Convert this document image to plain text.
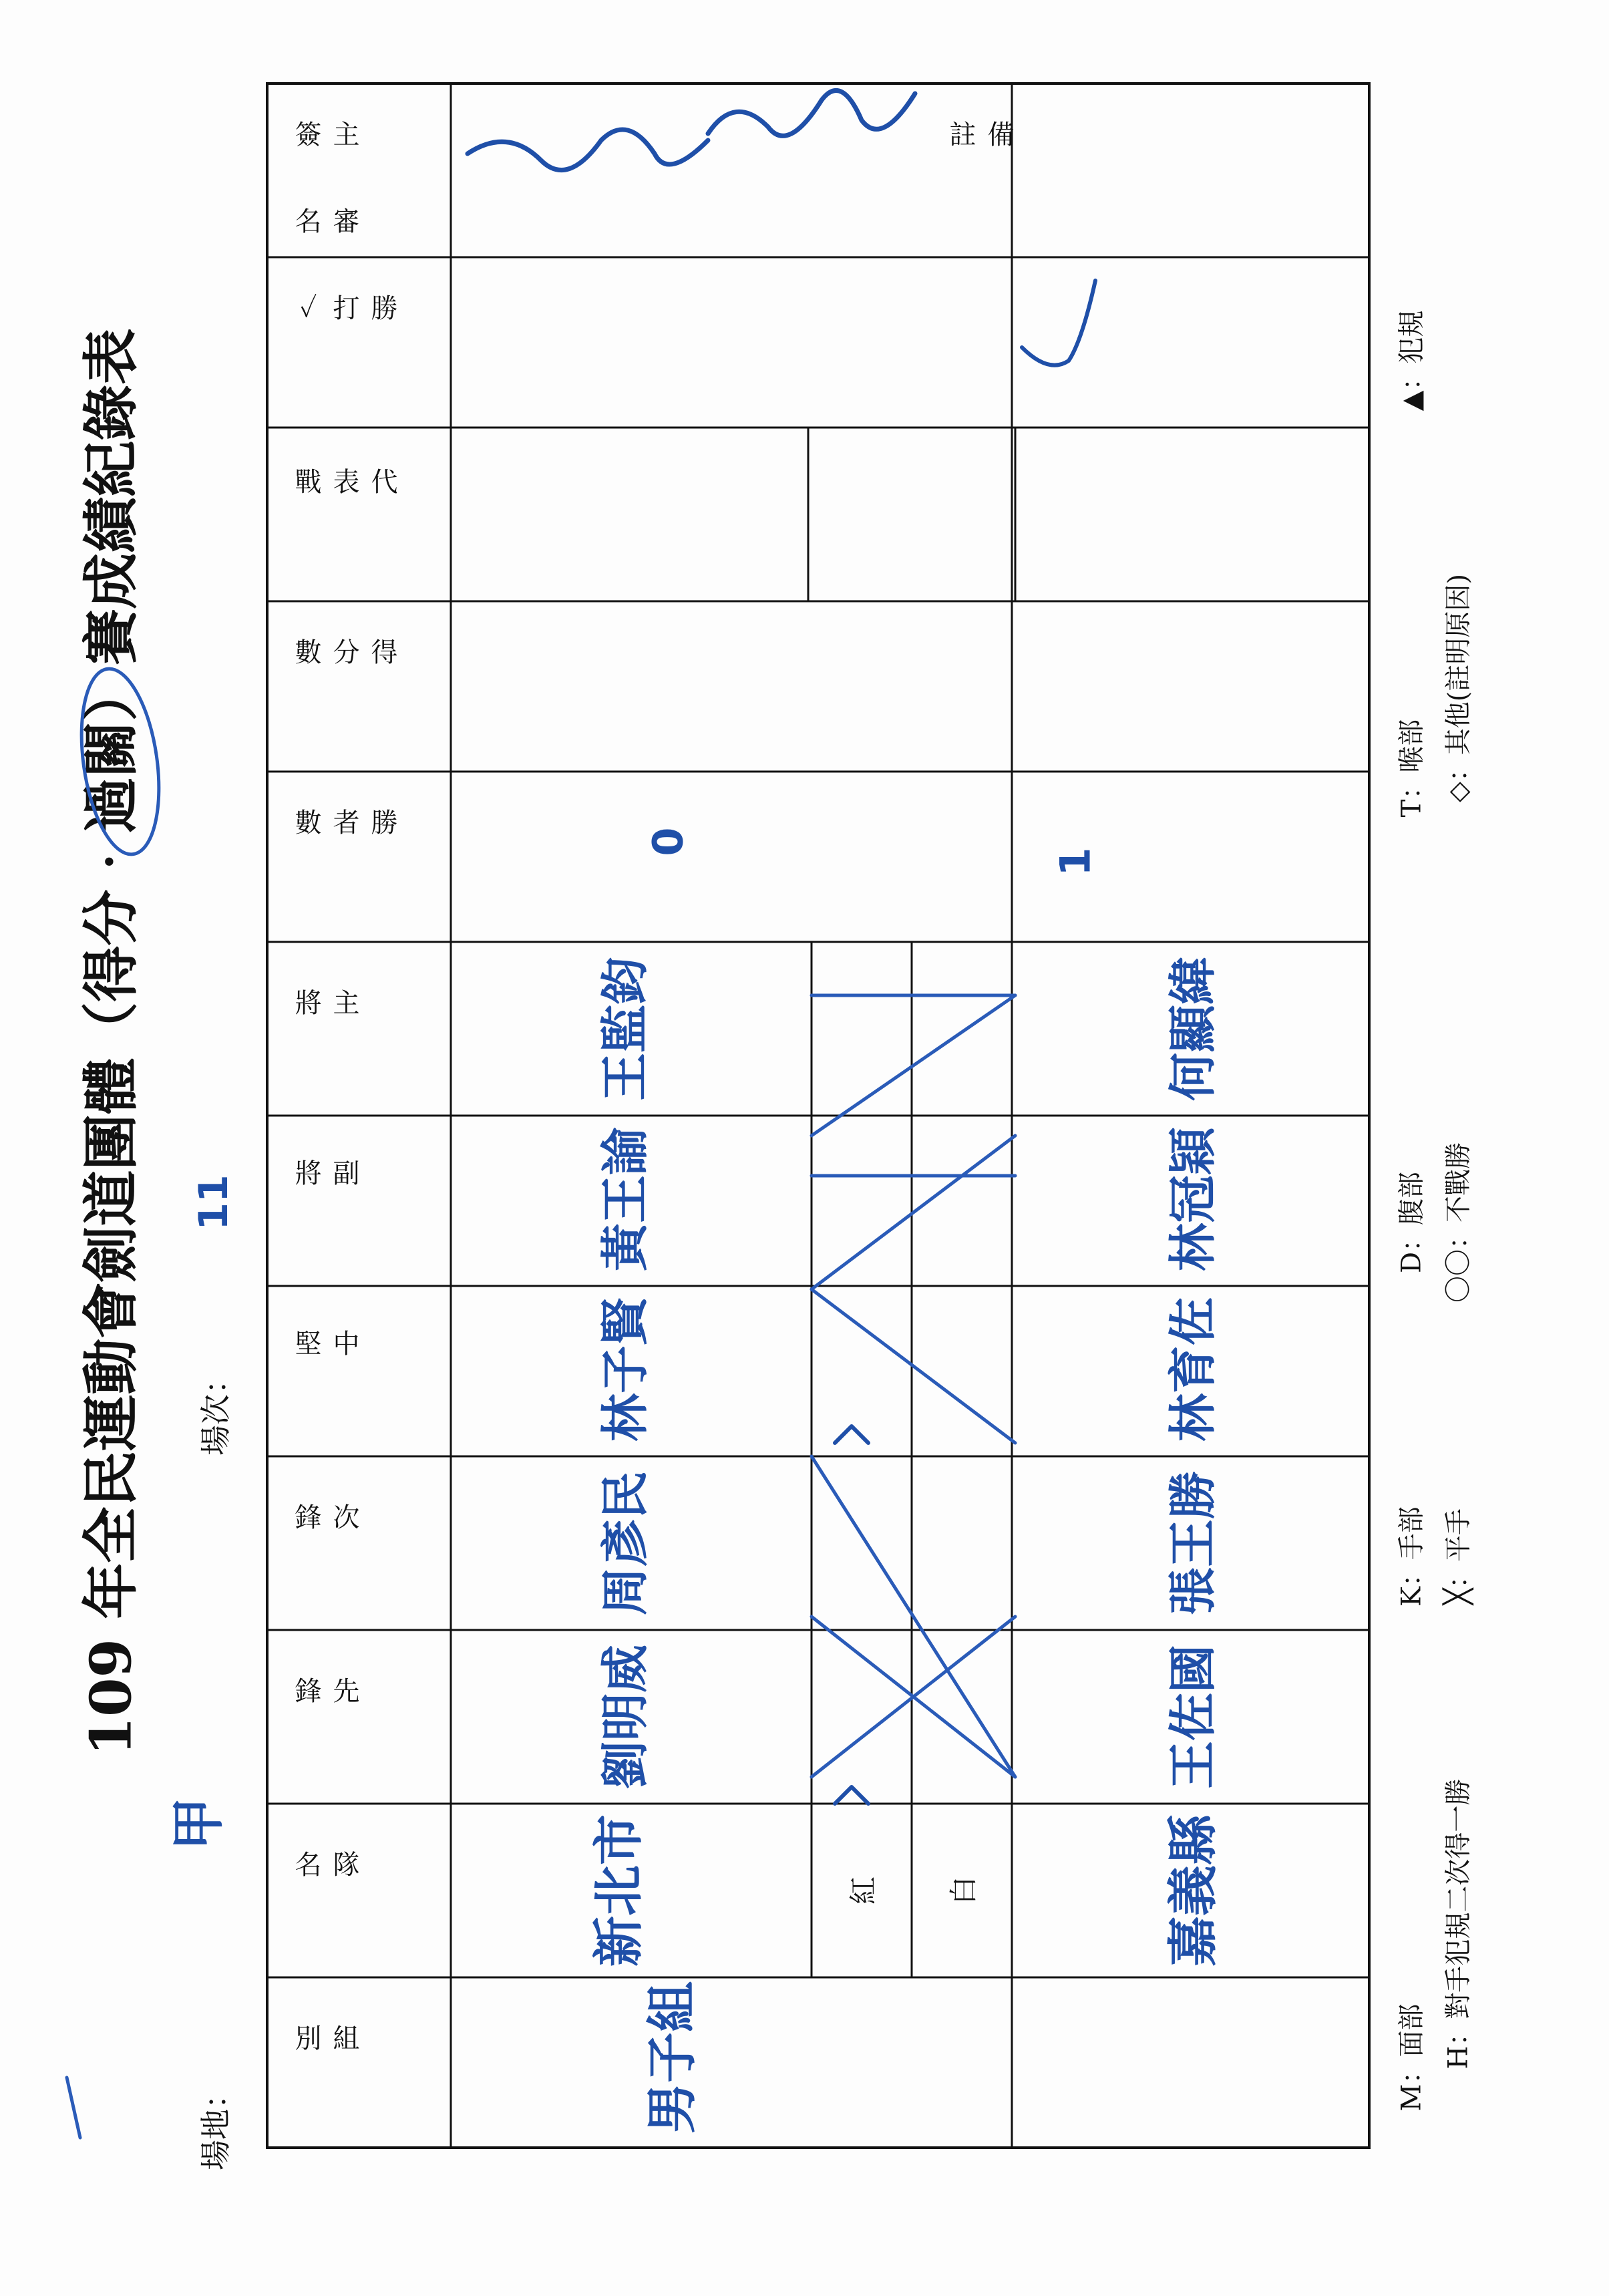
109 年全民運動會劍道團體（得分‧過關）賽成績紀錄表
場地：
場次：
11
主 審 簽 名
勝 打 ✓
代 表 戰
得 分 數
勝 者 數
主 將
副 將
中 堅
次 鋒
先 鋒
隊 名
組 別
備 註
紅 白
男子組
新北市	嘉義縣
甲
劉明威
周彥民
林子賢
黃王諭
王監鈞
王佐國
張王勝
林育佐
林冠穎
何顯緯
0
1
M：面部 H：對手犯規二次得一勝
K：手部 ╳：平手
D：腹部 〇〇：不戰勝
T：喉部 ◇：其他(註明原因)
▲：犯規
